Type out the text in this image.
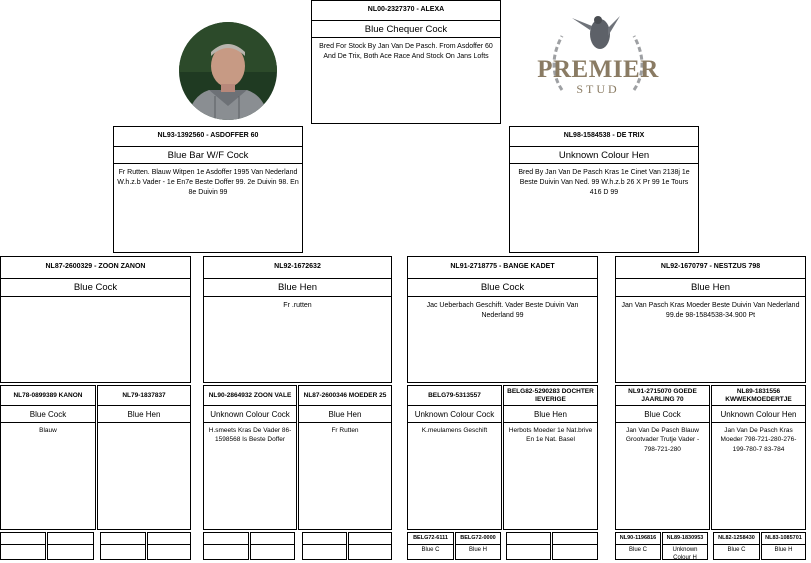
NL00-2327370 - ALEXA
Blue Chequer Cock
Bred For Stock By Jan Van De Pasch. From Asdoffer 60 And De Trix, Both Ace Race And Stock On Jans Lofts	PREMIER
STUD
NL93-1392560 - ASDOFFER 60
Blue Bar W/F Cock
Fr Rutten. Blauw Witpen 1e Asdoffer 1995 Van Nederland W.h.z.b Vader - 1e En7e Beste Doffer 99. 2e Duivin 98. En 8e Duivin 99
NL98-1584538 - DE TRIX
Unknown Colour Hen
Bred By Jan Van De Pasch Kras 1e Cinet Van 2138j 1e Beste Duivin Van Ned. 99 W.h.z.b 26 X Pr 99 1e Tours 416 D 99
NL87-2600329 - ZOON ZANON
Blue Cock
NL92-1672632
Blue Hen
Fr .rutten
NL91-2718775 - BANGE KADET
Blue Cock
Jac Ueberbach Geschift. Vader Beste Duivin Van Nederland 99
NL92-1670797 - NESTZUS 798
Blue Hen
Jan Van Pasch Kras Moeder Beste Duivin Van Nederland 99.de 98-1584538-34.900 Pt
NL78-0899389 KANON
Blue Cock
Blauw
NL79-1837837
Blue Hen
NL90-2864932 ZOON VALE
Unknown Colour Cock
H.smeets Kras De Vader 86-1598568 Is Beste Doffer
NL87-2600346 MOEDER 25
Blue Hen
Fr Rutten
BELG79-5313557
Unknown Colour Cock
K.meulamens Geschift
BELG82-5290283 DOCHTER IEVERIGE
Blue Hen
Herbots Moeder 1e Nat.brive En 1e Nat. Basel
NL91-2715070 GOEDE JAARLING 70
Blue Cock
Jan Van De Pasch Blauw Grootvader Trutje Vader - 798-721-280
NL89-1831556 KWWEKMOEDERTJE
Unknown Colour Hen
Jan Van De Pasch Kras Moeder 798-721-280-276-199-780-7 83-784
BELG72-6111
Blue C
BELG72-0000
Blue H
NL90-1196816
Blue C
NL89-1830953
Unknown Colour H
NL82-1258430
Blue C
NL83-1085701
Blue H
